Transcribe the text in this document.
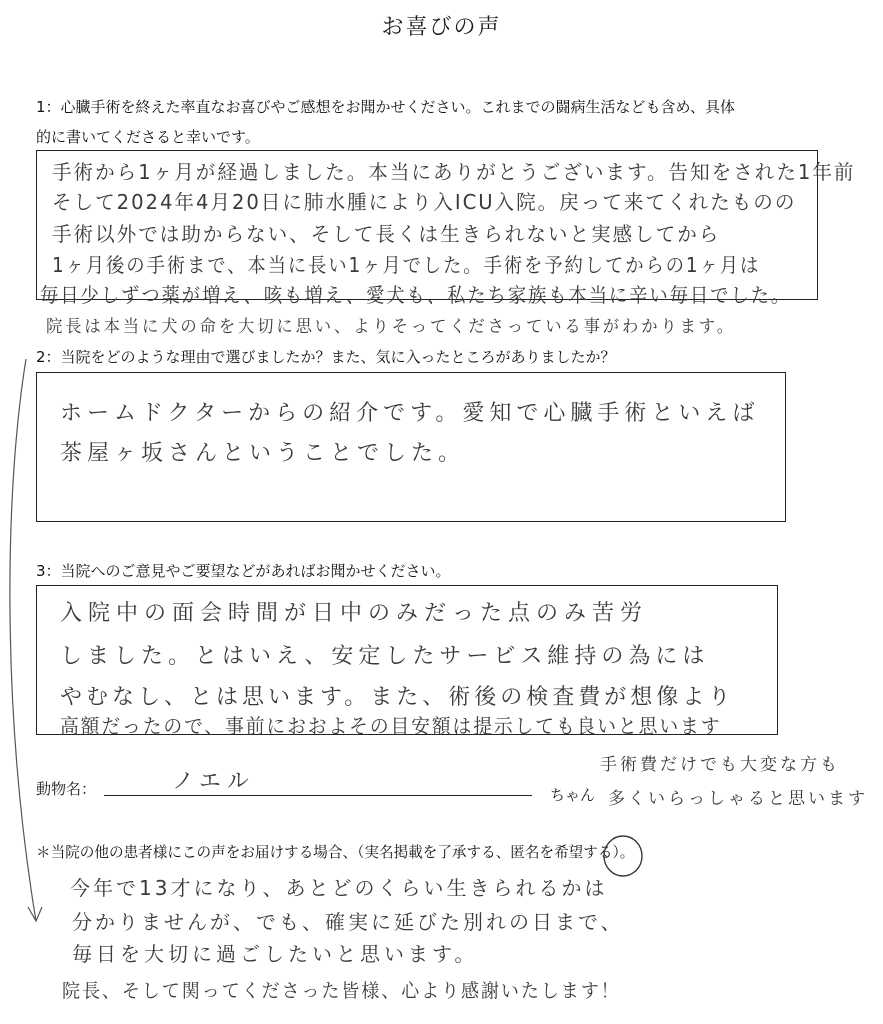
お喜びの声
1：心臓手術を終えた率直なお喜びやご感想をお聞かせください。これまでの闘病生活なども含め、具体
的に書いてくださると幸いです。
手術から1ヶ月が経過しました。本当にありがとうございます。告知をされた1年前
そして2024年4月20日に肺水腫により入ICU入院。戻って来てくれたものの
手術以外では助からない、そして長くは生きられないと実感してから
1ヶ月後の手術まで、本当に長い1ヶ月でした。手術を予約してからの1ヶ月は
毎日少しずつ薬が増え、咳も増え、愛犬も、私たち家族も本当に辛い毎日でした。
院長は本当に犬の命を大切に思い、よりそってくださっている事がわかります。
2：当院をどのような理由で選びましたか？また、気に入ったところがありましたか？
ホームドクターからの紹介です。愛知で心臓手術といえば
茶屋ヶ坂さんということでした。
3：当院へのご意見やご要望などがあればお聞かせください。
入院中の面会時間が日中のみだった点のみ苦労
しました。とはいえ、安定したサービス維持の為には
やむなし、とは思います。また、術後の検査費が想像より
高額だったので、事前におおよその目安額は提示しても良いと思います
手術費だけでも大変な方も
多くいらっしゃると思います
動物名：	ノエル
ちゃん
＊当院の他の患者様にこの声をお届けする場合、（実名掲載を了承する、匿名を希望する）。
今年で13才になり、あとどのくらい生きられるかは
分かりませんが、でも、確実に延びた別れの日まで、
毎日を大切に過ごしたいと思います。
院長、そして関ってくださった皆様、心より感謝いたします！
